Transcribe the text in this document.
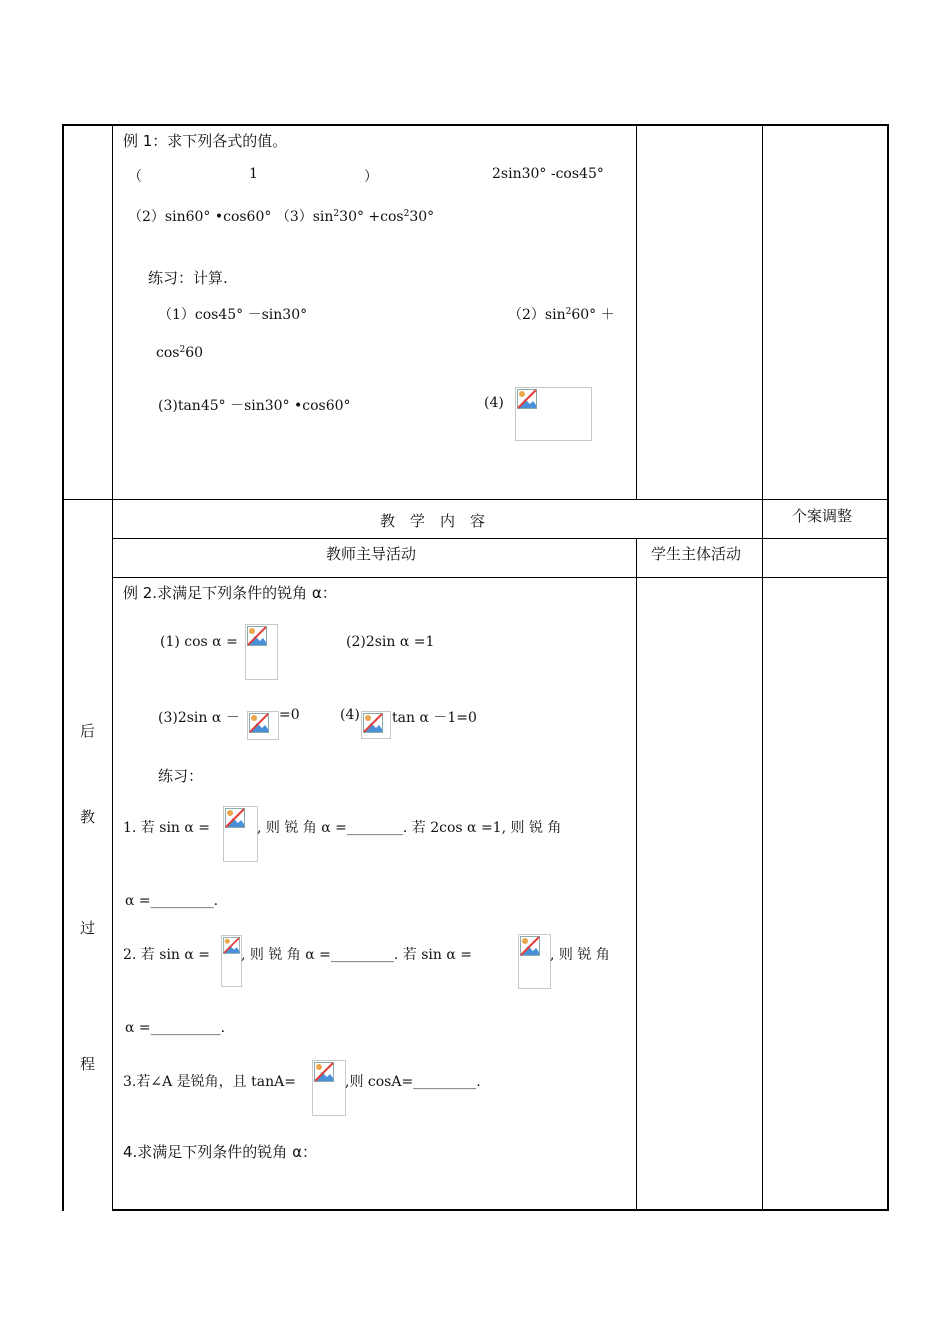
例 1：求下列各式的值。
（	1	）	2sin30° -cos45°
（2）sin60° •cos60° $(3)\sin^230^\circ +\cos^230^\circ$
练习：计算.
（1）cos45° －sin30°	$(2)\sin^260^\circ$ ＋
$\cos^260$
(3)tan45° －sin30° •cos60°	(4)
教　学　内　容	个案调整
教师主导活动	学生主体活动
后
教
过
程
例 2.求满足下列条件的锐角 α：
(1) cos α =	(2)2sin α =1
(3)2sin α －	=0	(4) tan α －1=0
练习：
1. 若 sin α =	, 则 锐 角 α =________. 若 2cos α =1, 则 锐 角
α =_________.
2. 若 sin α = , 则 锐 角 α =_________. 若 sin α =	, 则 锐 角
α =__________.
3.若∠A 是锐角，且 tanA=	,则 cosA=_________.
4.求满足下列条件的锐角 α：
